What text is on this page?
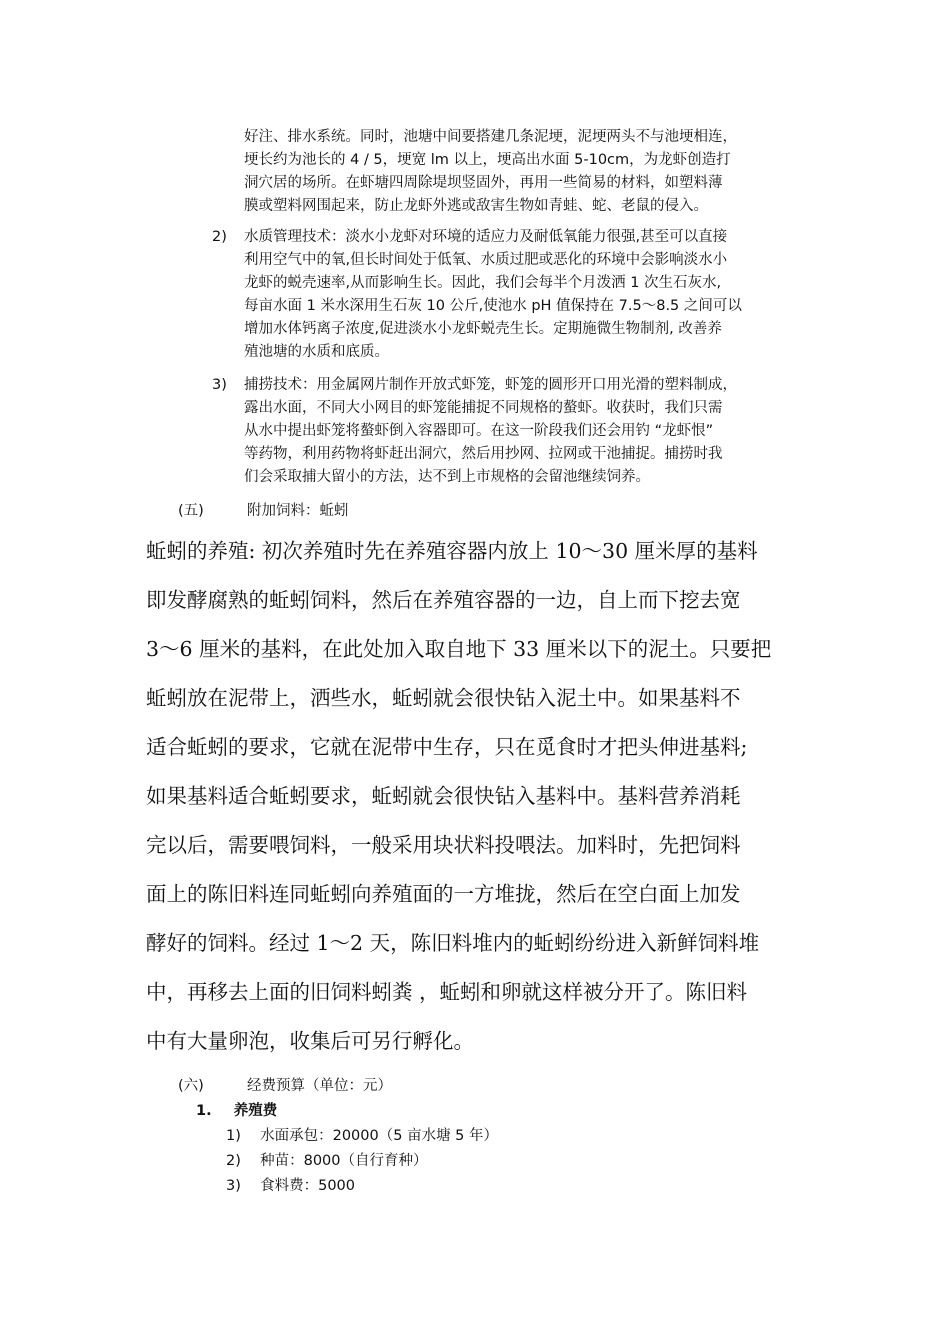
好注、排水系统。同时，池塘中间要搭建几条泥埂，泥埂两头不与池埂相连，

埂长约为池长的 4 / 5，埂宽 lm 以上，埂高出水面 5-10cm，为龙虾创造打

洞穴居的场所。在虾塘四周除堤坝竖固外，再用一些简易的材料，如塑料薄

膜或塑料网围起来，防止龙虾外逃或敌害生物如青蛙、蛇、老鼠的侵入。

2) 水质管理技术：淡水小龙虾对环境的适应力及耐低氧能力很强,甚至可以直接

利用空气中的氧,但长时间处于低氧、水质过肥或恶化的环境中会影响淡水小

龙虾的蜕壳速率,从而影响生长。因此，我们会每半个月泼洒 1 次生石灰水,

每亩水面 1 米水深用生石灰 10 公斤,使池水 pH 值保持在 7.5～8.5 之间可以

增加水体钙离子浓度,促进淡水小龙虾蜕壳生长。定期施微生物制剂, 改善养

殖池塘的水质和底质。

3) 捕捞技术：用金属网片制作开放式虾笼，虾笼的圆形开口用光滑的塑料制成，

露出水面，不同大小网目的虾笼能捕捉不同规格的螯虾。收获时，我们只需

从水中提出虾笼将螯虾倒入容器即可。在这一阶段我们还会用钓 “龙虾恨”

等药物，利用药物将虾赶出洞穴，然后用抄网、拉网或干池捕捉。捕捞时我

们会采取捕大留小的方法，达不到上市规格的会留池继续饲养。

(五)	附加饲料：蚯蚓

蚯蚓的养殖: 初次养殖时先在养殖容器内放上 10～30 厘米厚的基料

即发酵腐熟的蚯蚓饲料，然后在养殖容器的一边，自上而下挖去宽

3～6 厘米的基料，在此处加入取自地下 33 厘米以下的泥土。只要把

蚯蚓放在泥带上，洒些水，蚯蚓就会很快钻入泥土中。如果基料不

适合蚯蚓的要求，它就在泥带中生存，只在觅食时才把头伸进基料;

如果基料适合蚯蚓要求，蚯蚓就会很快钻入基料中。基料营养消耗

完以后，需要喂饲料，一般采用块状料投喂法。加料时，先把饲料

面上的陈旧料连同蚯蚓向养殖面的一方堆拢，然后在空白面上加发

酵好的饲料。经过 1～2 天，陈旧料堆内的蚯蚓纷纷进入新鲜饲料堆

中，再移去上面的旧饲料蚓粪 ，蚯蚓和卵就这样被分开了。陈旧料

中有大量卵泡，收集后可另行孵化。

(六)	经费预算（单位：元）
1. 养殖费
1) 水面承包：20000（5 亩水塘 5 年）
2) 种苗：8000（自行育种）
3) 食料费：5000
